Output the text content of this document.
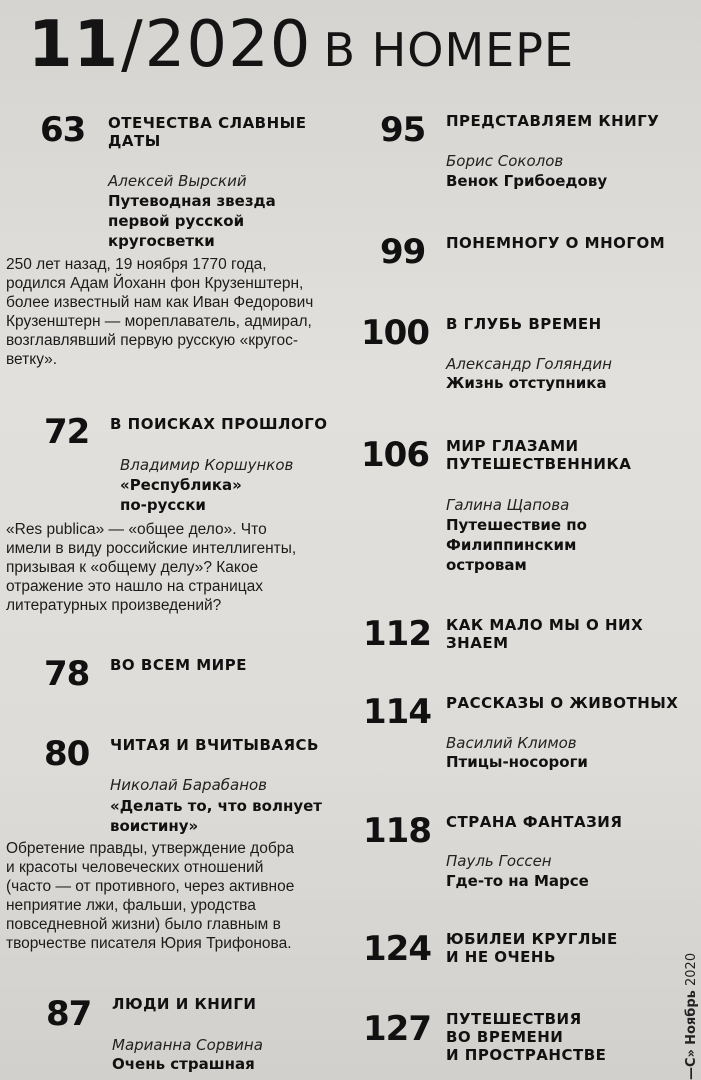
11/2020 В НОМЕРЕ
63 ОТЕЧЕСТВА СЛАВНЫЕ
ДАТЫ
Алексей Вырский
Путеводная звезда
первой русской
кругосветки
250 лет назад, 19 ноября 1770 года,
родился Адам Йоханн фон Крузенштерн,
более известный нам как Иван Федорович
Крузенштерн — мореплаватель, адмирал,
возглавлявший первую русскую «кругос-
ветку».
72 В ПОИСКАХ ПРОШЛОГО
Владимир Коршунков
«Республика»
по-русски
«Res publica» — «общее дело». Что
имели в виду российские интеллигенты,
призывая к «общему делу»? Какое
отражение это нашло на страницах
литературных произведений?
78 ВО ВСЕМ МИРЕ
80 ЧИТАЯ И ВЧИТЫВАЯСЬ
Николай Барабанов
«Делать то, что волнует
воистину»
Обретение правды, утверждение добра
и красоты человеческих отношений
(часто — от противного, через активное
неприятие лжи, фальши, уродства
повседневной жизни) было главным в
творчестве писателя Юрия Трифонова.
87 ЛЮДИ И КНИГИ
Марианна Сорвина
Очень страшная
95 ПРЕДСТАВЛЯЕМ КНИГУ
Борис Соколов
Венок Грибоедову
99 ПОНЕМНОГУ О МНОГОМ
100 В ГЛУБЬ ВРЕМЕН
Александр Голяндин
Жизнь отступника
106 МИР ГЛАЗАМИ
ПУТЕШЕСТВЕННИКА
Галина Щапова
Путешествие по
Филиппинским
островам
112 КАК МАЛО МЫ О НИХ
ЗНАЕМ
114 РАССКАЗЫ О ЖИВОТНЫХ
Василий Климов
Птицы-носороги
118 СТРАНА ФАНТАЗИЯ
Пауль Госсен
Где-то на Марсе
124 ЮБИЛЕИ КРУГЛЫЕ
И НЕ ОЧЕНЬ
127 ПУТЕШЕСТВИЯ
ВО ВРЕМЕНИ
И ПРОСТРАНСТВЕ	—С» Ноябрь 2020
